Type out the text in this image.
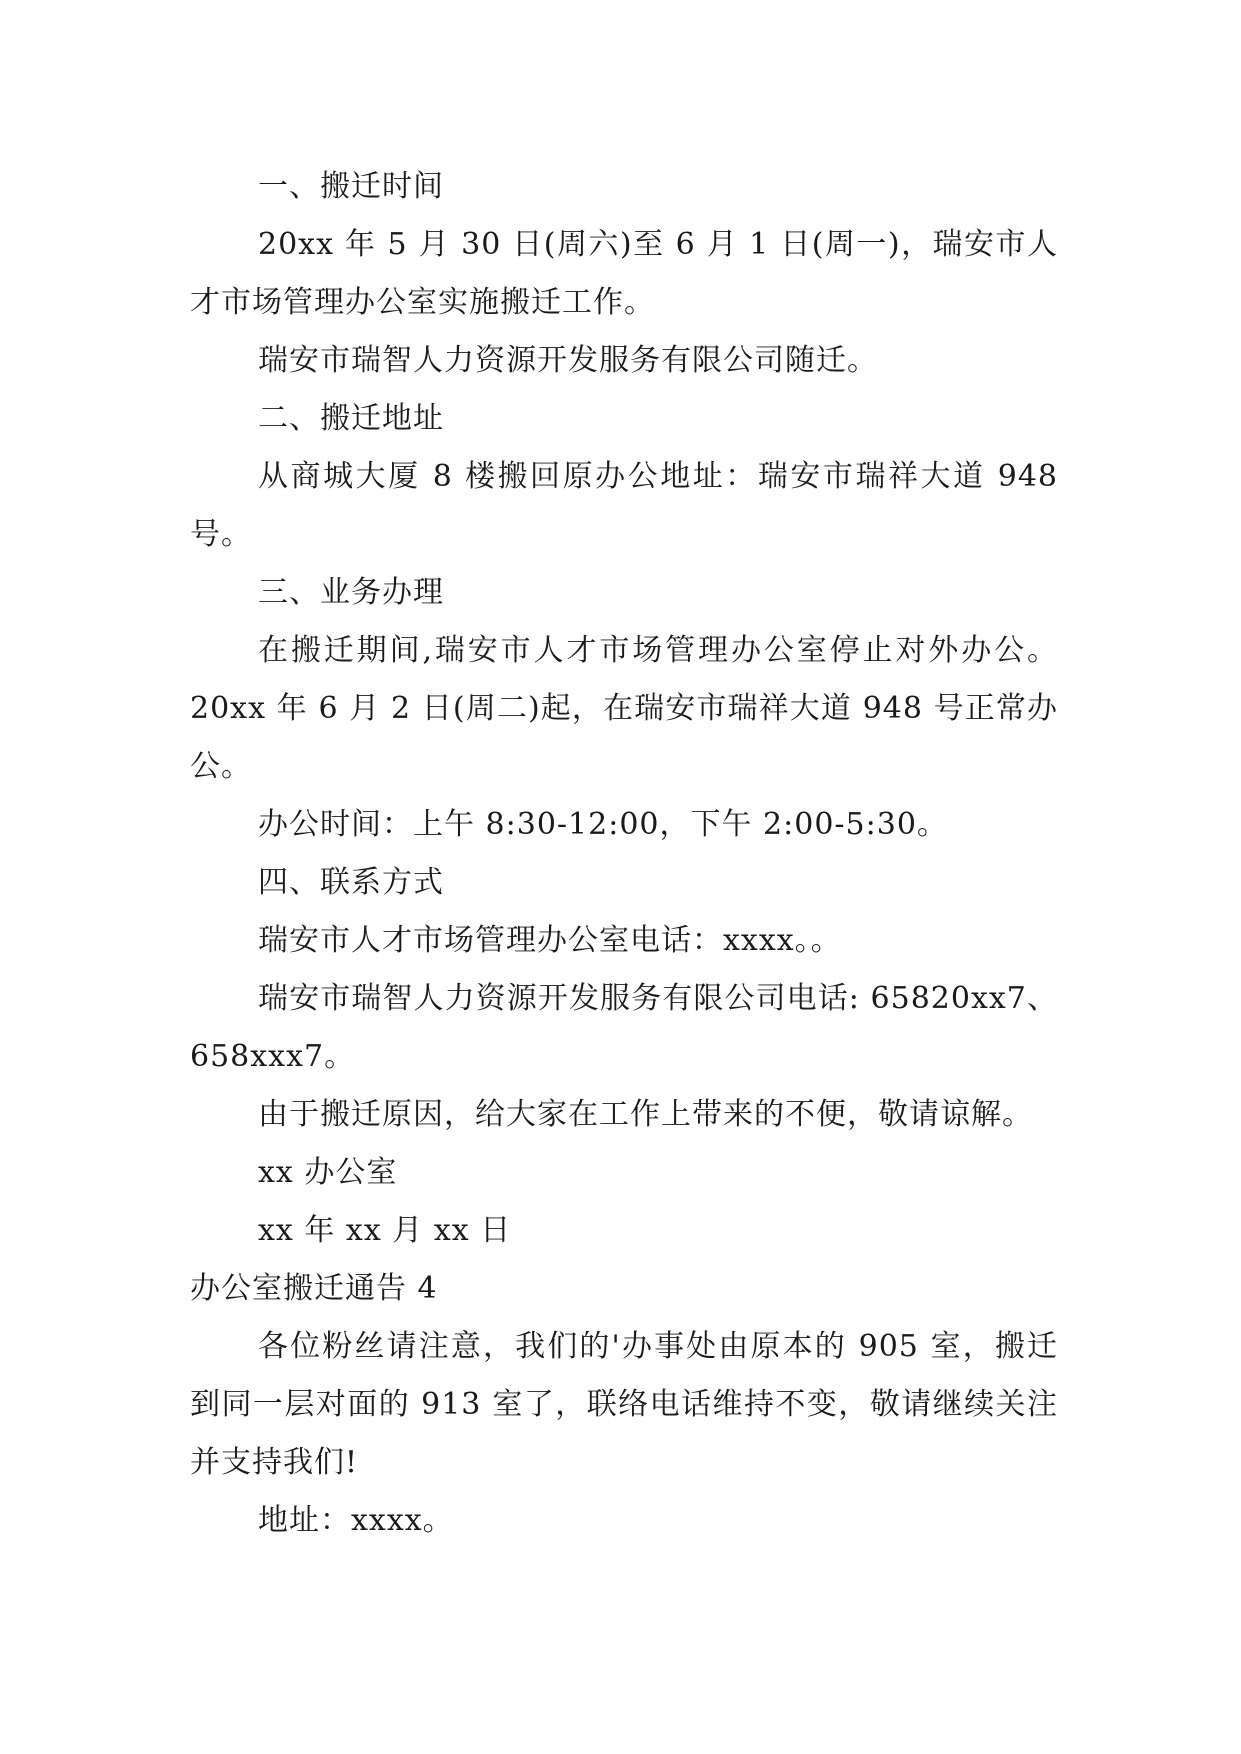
一、搬迁时间

20xx 年 5 月 30 日(周六)至 6 月 1 日(周一)，瑞安市人才市场管理办公室实施搬迁工作。

瑞安市瑞智人力资源开发服务有限公司随迁。

二、搬迁地址

从商城大厦 8 楼搬回原办公地址：瑞安市瑞祥大道 948 号。

三、业务办理

在搬迁期间,瑞安市人才市场管理办公室停止对外办公。20xx 年 6 月 2 日(周二)起，在瑞安市瑞祥大道 948 号正常办公。

办公时间：上午 8:30-12:00，下午 2:00-5:30。

四、联系方式

瑞安市人才市场管理办公室电话：xxxx。。

瑞安市瑞智人力资源开发服务有限公司电话: 65820xx7、658xxx7。

由于搬迁原因，给大家在工作上带来的不便，敬请谅解。

xx 办公室

xx 年 xx 月 xx 日

办公室搬迁通告 4

各位粉丝请注意，我们的'办事处由原本的 905 室，搬迁到同一层对面的 913 室了，联络电话维持不变，敬请继续关注并支持我们!

地址：xxxx。
